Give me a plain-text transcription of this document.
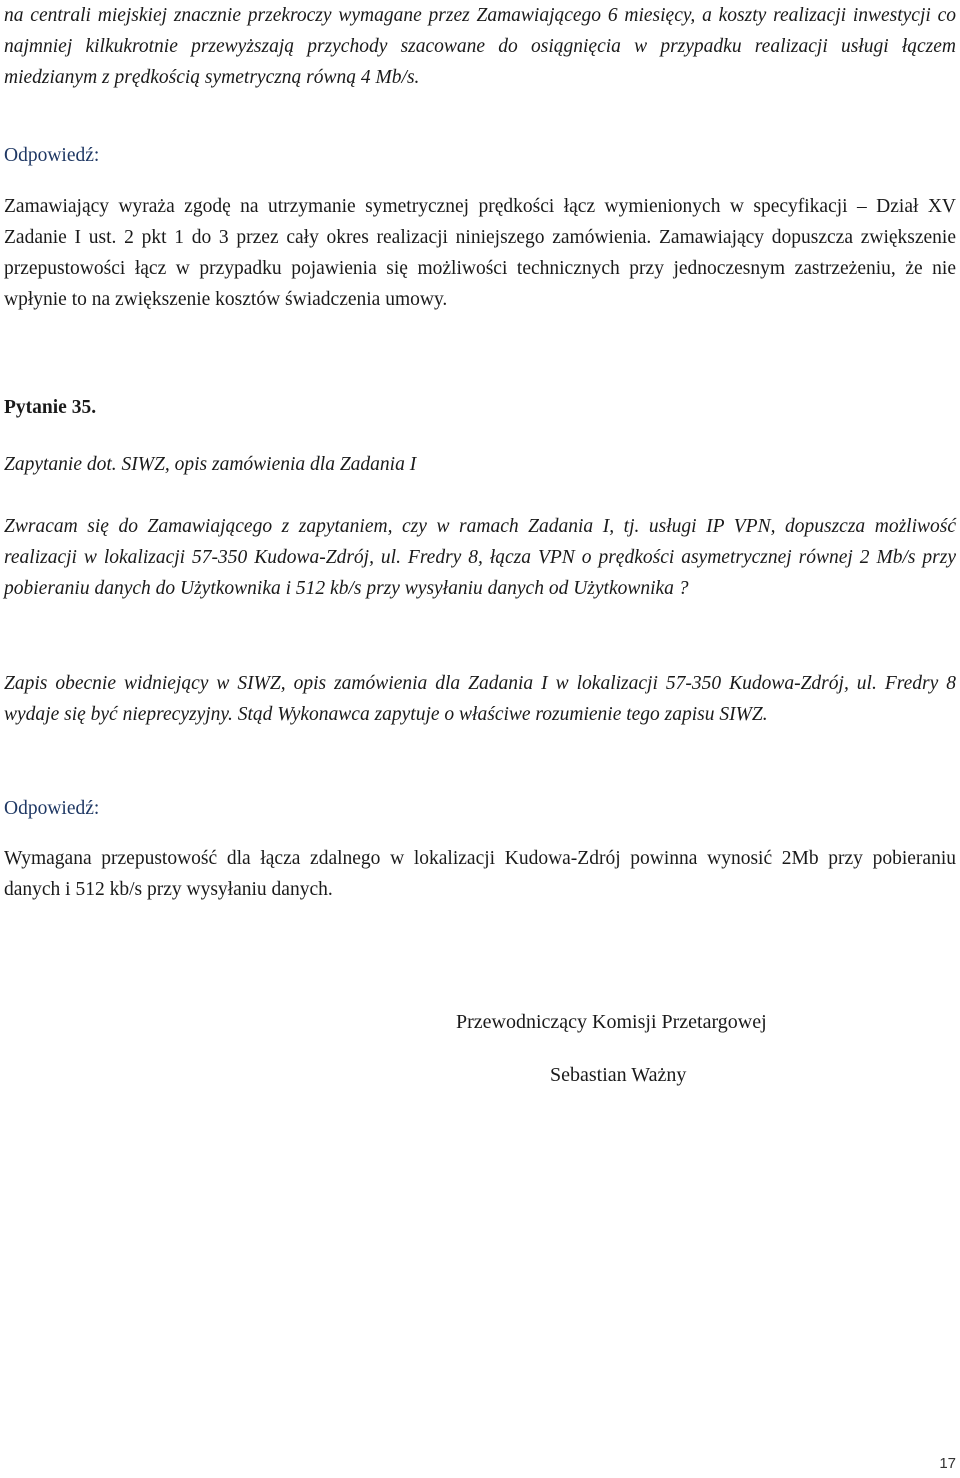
na centrali miejskiej znacznie przekroczy wymagane przez Zamawiającego 6 miesięcy, a koszty realizacji inwestycji co najmniej kilkukrotnie przewyższają przychody szacowane do osiągnięcia w przypadku realizacji usługi łączem miedzianym z prędkością symetryczną równą 4 Mb/s.

Odpowiedź:

Zamawiający wyraża zgodę na utrzymanie symetrycznej prędkości łącz wymienionych w specyfikacji – Dział XV Zadanie I ust. 2 pkt 1 do 3 przez cały okres realizacji niniejszego zamówienia. Zamawiający dopuszcza zwiększenie przepustowości łącz w przypadku pojawienia się możliwości technicznych przy jednoczesnym zastrzeżeniu, że nie wpłynie to na zwiększenie kosztów świadczenia umowy.

Pytanie 35.

Zapytanie dot. SIWZ, opis zamówienia dla Zadania I

Zwracam się do Zamawiającego z zapytaniem, czy w ramach Zadania I, tj. usługi IP VPN, dopuszcza możliwość realizacji w lokalizacji 57-350 Kudowa-Zdrój, ul. Fredry 8, łącza VPN o prędkości asymetrycznej równej 2 Mb/s przy pobieraniu danych do Użytkownika i 512 kb/s przy wysyłaniu danych od Użytkownika ?

Zapis obecnie widniejący w SIWZ, opis zamówienia dla Zadania I w lokalizacji 57-350 Kudowa-Zdrój, ul. Fredry 8 wydaje się być nieprecyzyjny. Stąd Wykonawca zapytuje o właściwe rozumienie tego zapisu SIWZ.

Odpowiedź:

Wymagana przepustowość dla łącza zdalnego w lokalizacji Kudowa-Zdrój powinna wynosić 2Mb przy pobieraniu danych i 512 kb/s przy wysyłaniu danych.

Przewodniczący Komisji Przetargowej
Sebastian Ważny
17
